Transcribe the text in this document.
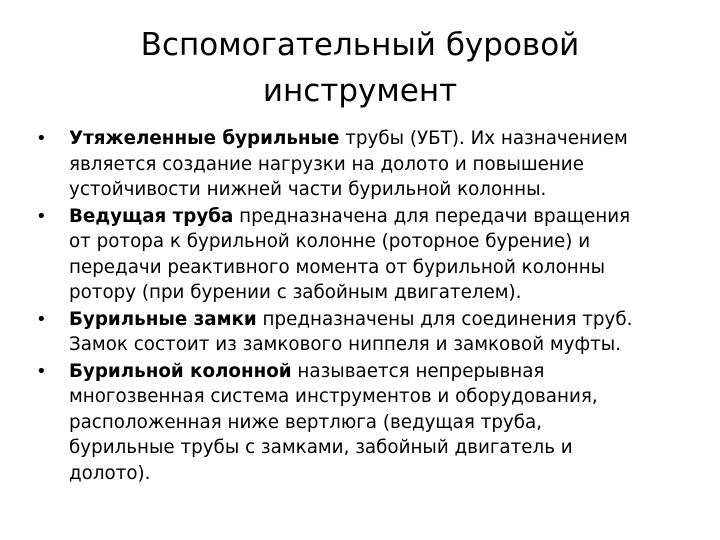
Вспомогательный буровой
инструмент
• Утяжеленные бурильные трубы (УБТ). Их назначением
является создание нагрузки на долото и повышение
устойчивости нижней части бурильной колонны.
• Ведущая труба предназначена для передачи вращения
от ротора к бурильной колонне (роторное бурение) и
передачи реактивного момента от бурильной колонны
ротору (при бурении с забойным двигателем).
• Бурильные замки предназначены для соединения труб.
Замок состоит из замкового ниппеля и замковой муфты.
• Бурильной колонной называется непрерывная
многозвенная система инструментов и оборудования,
расположенная ниже вертлюга (ведущая труба,
бурильные трубы с замками, забойный двигатель и
долото).
